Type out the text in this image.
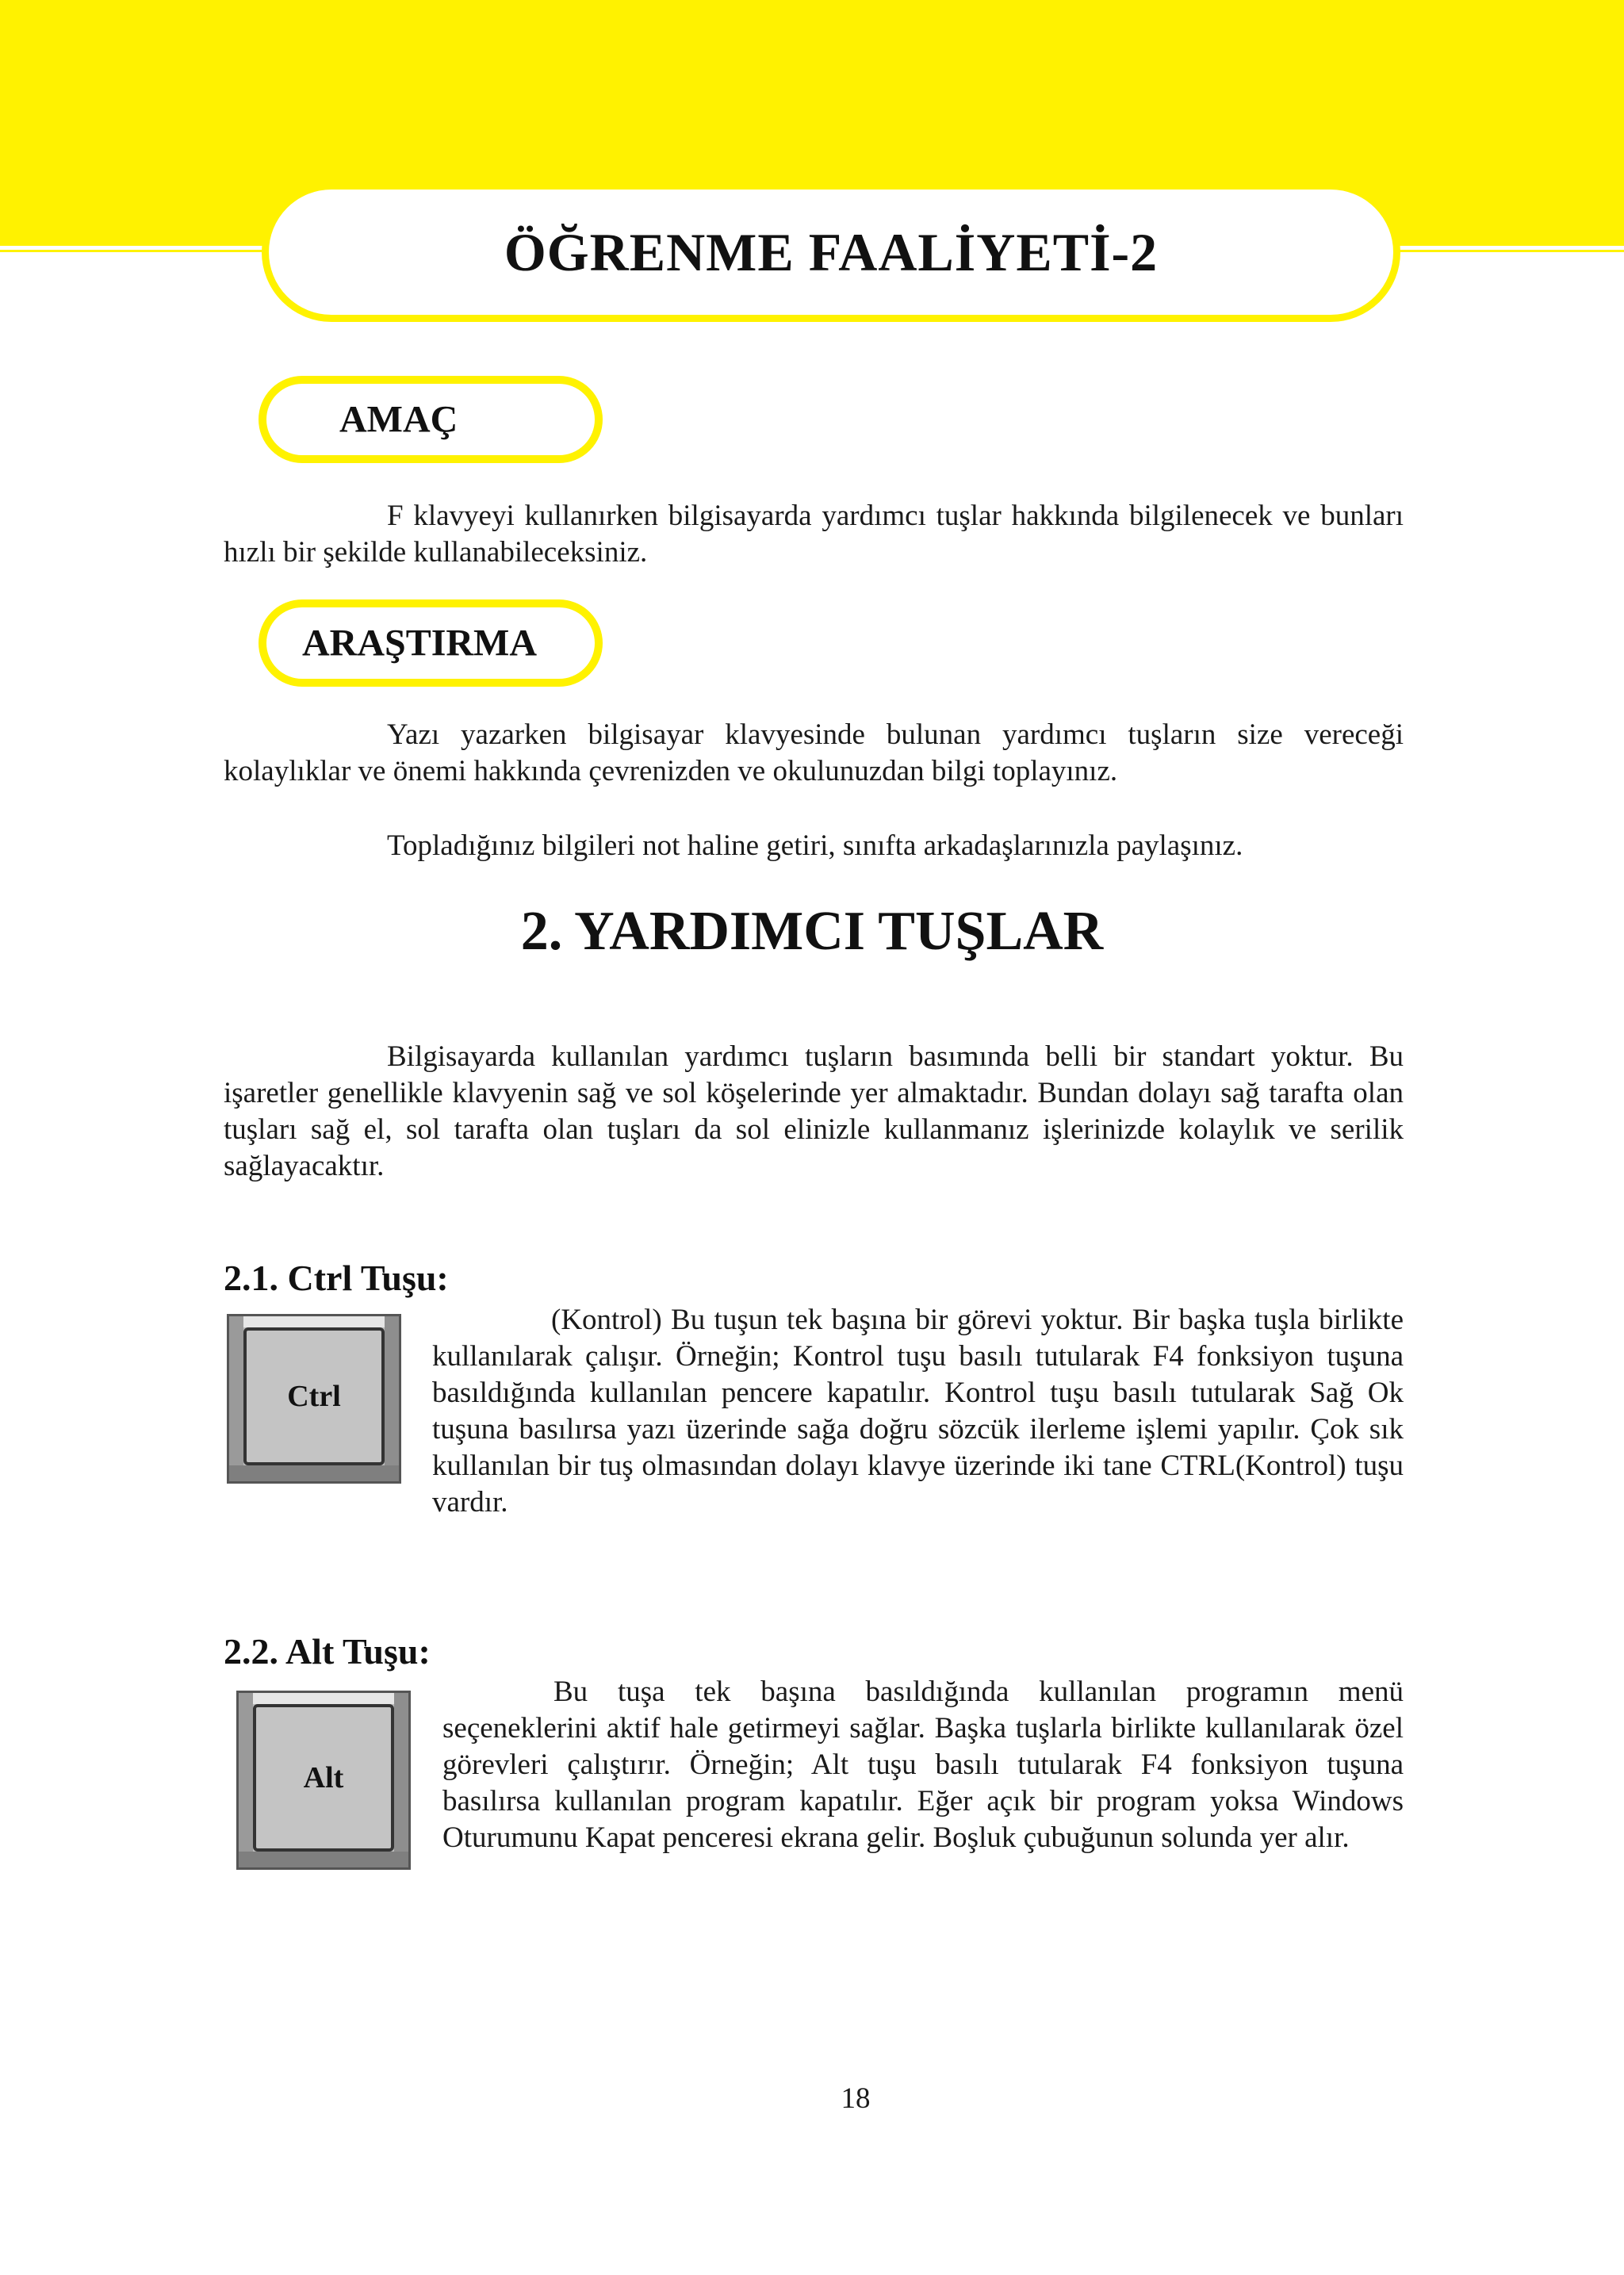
ÖĞRENME FAALİYETİ-2
AMAÇ

F klavyeyi kullanırken bilgisayarda yardımcı tuşlar hakkında bilgilenecek ve bunları hızlı bir şekilde kullanabileceksiniz.

ARAŞTIRMA

Yazı yazarken bilgisayar klavyesinde bulunan yardımcı tuşların size vereceği kolaylıklar ve önemi hakkında çevrenizden ve okulunuzdan bilgi toplayınız.

Topladığınız bilgileri not haline getiri, sınıfta arkadaşlarınızla paylaşınız.

2. YARDIMCI TUŞLAR

Bilgisayarda kullanılan yardımcı tuşların basımında belli bir standart yoktur. Bu işaretler genellikle klavyenin sağ ve sol köşelerinde yer almaktadır. Bundan dolayı sağ tarafta olan tuşları sağ el, sol tarafta olan tuşları da sol elinizle kullanmanız işlerinizde kolaylık ve serilik sağlayacaktır.

2.1. Ctrl Tuşu:
Ctrl

(Kontrol) Bu tuşun tek başına bir görevi yoktur. Bir başka tuşla birlikte kullanılarak çalışır. Örneğin; Kontrol tuşu basılı tutularak F4 fonksiyon tuşuna basıldığında kullanılan pencere kapatılır. Kontrol tuşu basılı tutularak Sağ Ok tuşuna basılırsa yazı üzerinde sağa doğru sözcük ilerleme işlemi yapılır. Çok sık kullanılan bir tuş olmasından dolayı klavye üzerinde iki tane CTRL(Kontrol) tuşu vardır.

2.2. Alt Tuşu:
Alt

Bu tuşa tek başına basıldığında kullanılan programın menü seçeneklerini aktif hale getirmeyi sağlar. Başka tuşlarla birlikte kullanılarak özel görevleri çalıştırır. Örneğin; Alt tuşu basılı tutularak F4 fonksiyon tuşuna basılırsa kullanılan program kapatılır. Eğer açık bir program yoksa Windows Oturumunu Kapat penceresi ekrana gelir. Boşluk çubuğunun solunda yer alır.

18
